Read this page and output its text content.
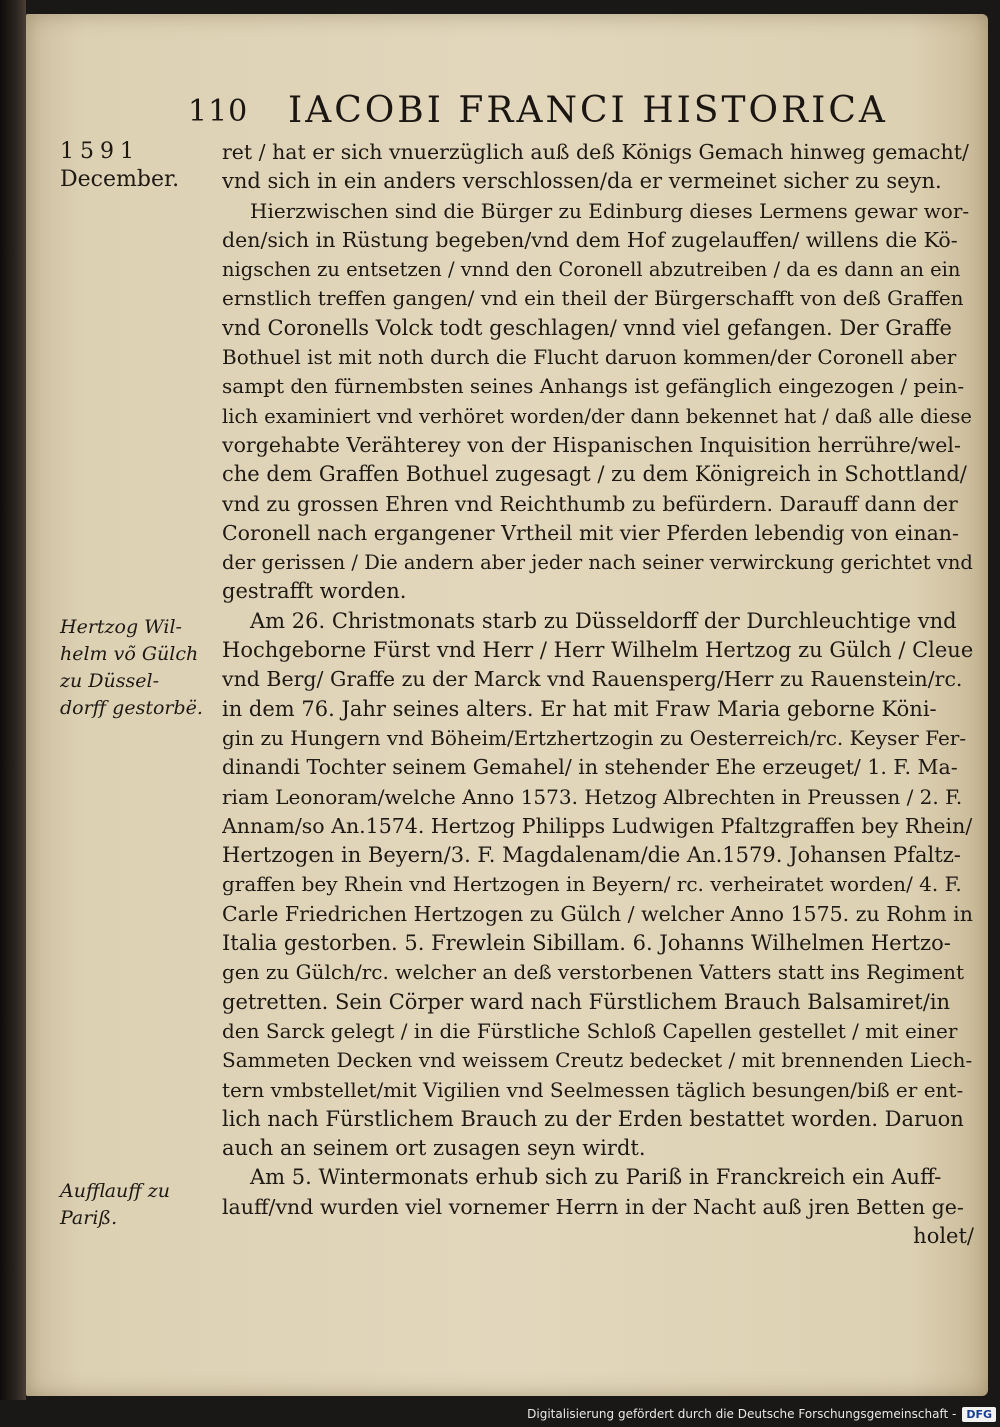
110 IACOBI FRANCI HISTORICA
1591
December.
Hertzog Wil-
helm võ Gülch
zu Düssel-
dorff gestorbë.
Aufflauff zu
Pariß.
ret / hat er sich vnuerzüglich auß deß Königs Gemach hinweg gemacht/
vnd sich in ein anders verschlossen/da er vermeinet sicher zu seyn.
Hierzwischen sind die Bürger zu Edinburg dieses Lermens gewar wor-
den/sich in Rüstung begeben/vnd dem Hof zugelauffen/ willens die Kö-
nigschen zu entsetzen / vnnd den Coronell abzutreiben / da es dann an ein
ernstlich treffen gangen/ vnd ein theil der Bürgerschafft von deß Graffen
vnd Coronells Volck todt geschlagen/ vnnd viel gefangen. Der Graffe
Bothuel ist mit noth durch die Flucht daruon kommen/der Coronell aber
sampt den fürnembsten seines Anhangs ist gefänglich eingezogen / pein-
lich examiniert vnd verhöret worden/der dann bekennet hat / daß alle diese
vorgehabte Verähterey von der Hispanischen Inquisition herrühre/wel-
che dem Graffen Bothuel zugesagt / zu dem Königreich in Schottland/
vnd zu grossen Ehren vnd Reichthumb zu befürdern. Darauff dann der
Coronell nach ergangener Vrtheil mit vier Pferden lebendig von einan-
der gerissen / Die andern aber jeder nach seiner verwirckung gerichtet vnd
gestrafft worden.
Am 26. Christmonats starb zu Düsseldorff der Durchleuchtige vnd
Hochgeborne Fürst vnd Herr / Herr Wilhelm Hertzog zu Gülch / Cleue
vnd Berg/ Graffe zu der Marck vnd Rauensperg/Herr zu Rauenstein/rc.
in dem 76. Jahr seines alters. Er hat mit Fraw Maria geborne Köni-
gin zu Hungern vnd Böheim/Ertzhertzogin zu Oesterreich/rc. Keyser Fer-
dinandi Tochter seinem Gemahel/ in stehender Ehe erzeuget/ 1. F. Ma-
riam Leonoram/welche Anno 1573. Hetzog Albrechten in Preussen / 2. F.
Annam/so An.1574. Hertzog Philipps Ludwigen Pfaltzgraffen bey Rhein/
Hertzogen in Beyern/3. F. Magdalenam/die An.1579. Johansen Pfaltz-
graffen bey Rhein vnd Hertzogen in Beyern/ rc. verheiratet worden/ 4. F.
Carle Friedrichen Hertzogen zu Gülch / welcher Anno 1575. zu Rohm in
Italia gestorben. 5. Frewlein Sibillam. 6. Johanns Wilhelmen Hertzo-
gen zu Gülch/rc. welcher an deß verstorbenen Vatters statt ins Regiment
getretten. Sein Cörper ward nach Fürstlichem Brauch Balsamiret/in
den Sarck gelegt / in die Fürstliche Schloß Capellen gestellet / mit einer
Sammeten Decken vnd weissem Creutz bedecket / mit brennenden Liech-
tern vmbstellet/mit Vigilien vnd Seelmessen täglich besungen/biß er ent-
lich nach Fürstlichem Brauch zu der Erden bestattet worden. Daruon
auch an seinem ort zusagen seyn wirdt.
Am 5. Wintermonats erhub sich zu Pariß in Franckreich ein Auff-
lauff/vnd wurden viel vornemer Herrn in der Nacht auß jren Betten ge-
holet/
Digitalisierung gefördert durch die Deutsche Forschungsgemeinschaft - DFG
